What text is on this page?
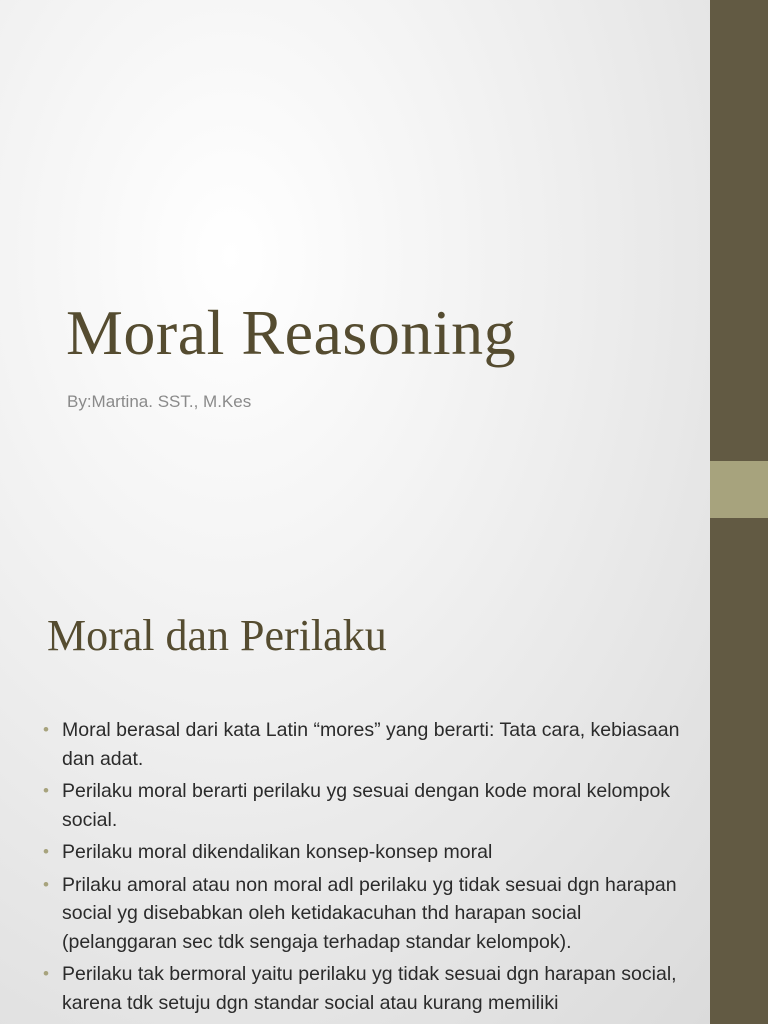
Moral Reasoning
By:Martina. SST., M.Kes
Moral dan Perilaku
• Moral berasal dari kata Latin “mores” yang berarti: Tata cara, kebiasaan dan adat.
• Perilaku moral berarti perilaku yg sesuai dengan kode moral kelompok social.
• Perilaku moral dikendalikan konsep-konsep moral
• Prilaku amoral atau non moral adl perilaku yg tidak sesuai dgn harapan social yg disebabkan oleh ketidakacuhan thd harapan social (pelanggaran sec tdk sengaja terhadap standar kelompok).
• Perilaku tak bermoral yaitu perilaku yg tidak sesuai dgn harapan social, karena tdk setuju dgn standar social atau kurang memiliki
